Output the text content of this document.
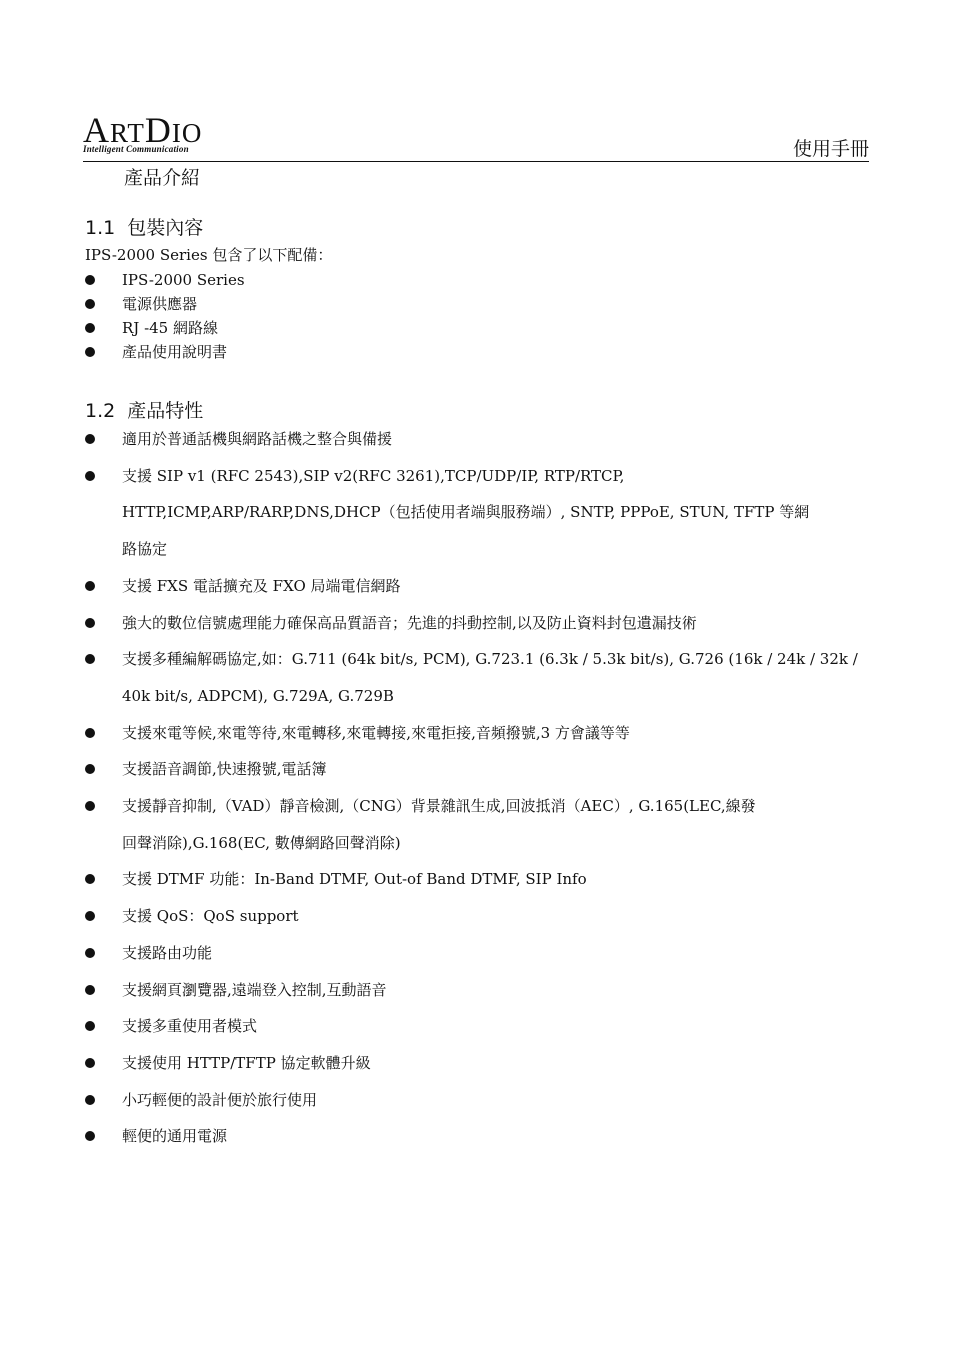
ARTDIO
Intelligent Communication	使用手冊
產品介紹
1.1 包裝內容
IPS-2000 Series 包含了以下配備：
IPS-2000 Series
電源供應器
RJ -45 網路線
產品使用說明書
1.2 產品特性
適用於普通話機與網路話機之整合與備援
支援 SIP v1 (RFC 2543),SIP v2(RFC 3261),TCP/UDP/IP, RTP/RTCP,
HTTP,ICMP,ARP/RARP,DNS,DHCP（包括使用者端與服務端）, SNTP, PPPoE, STUN, TFTP 等網
路協定
支援 FXS 電話擴充及 FXO 局端電信網路
強大的數位信號處理能力確保高品質語音；先進的抖動控制,以及防止資料封包遺漏技術
支援多種編解碼協定,如：G.711 (64k bit/s, PCM), G.723.1 (6.3k / 5.3k bit/s), G.726 (16k / 24k / 32k /
40k bit/s, ADPCM), G.729A, G.729B
支援來電等候,來電等待,來電轉移,來電轉接,來電拒接,音頻撥號,3 方會議等等
支援語音調節,快速撥號,電話簿
支援靜音抑制,（VAD）靜音檢測,（CNG）背景雜訊生成,回波抵消（AEC）, G.165(LEC,線發
回聲消除),G.168(EC, 數傳網路回聲消除)
支援 DTMF 功能：In-Band DTMF, Out-of Band DTMF, SIP Info
支援 QoS：QoS support
支援路由功能
支援網頁瀏覽器,遠端登入控制,互動語音
支援多重使用者模式
支援使用 HTTP/TFTP 協定軟體升級
小巧輕便的設計便於旅行使用
輕便的通用電源
